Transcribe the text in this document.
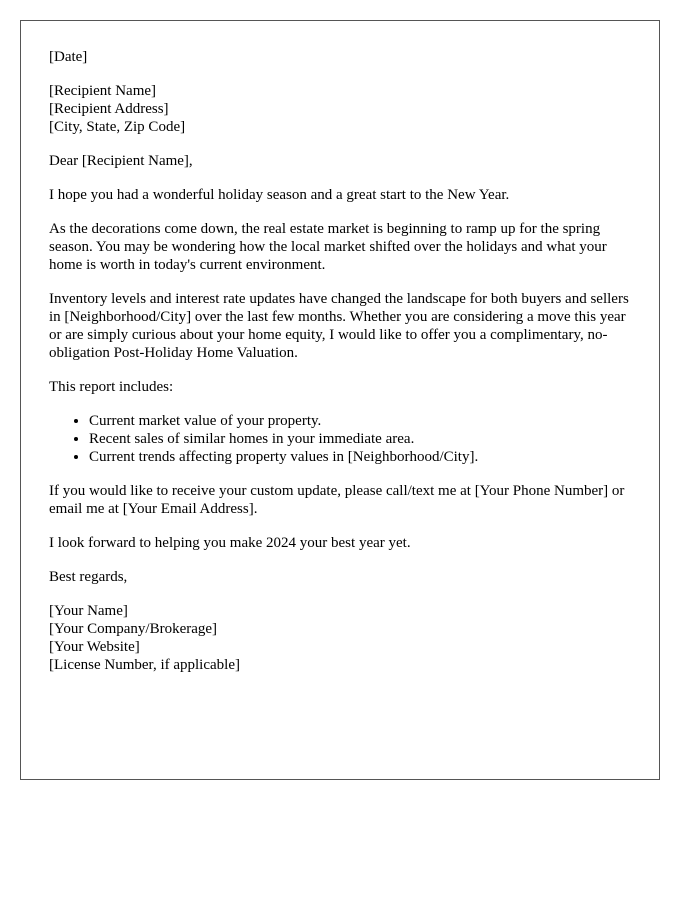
[Date]

[Recipient Name]
[Recipient Address]
[City, State, Zip Code]

Dear [Recipient Name],

I hope you had a wonderful holiday season and a great start to the New Year.

As the decorations come down, the real estate market is beginning to ramp up for the spring season. You may be wondering how the local market shifted over the holidays and what your home is worth in today's current environment.

Inventory levels and interest rate updates have changed the landscape for both buyers and sellers in [Neighborhood/City] over the last few months. Whether you are considering a move this year or are simply curious about your home equity, I would like to offer you a complimentary, no-obligation Post-Holiday Home Valuation.

This report includes:

• Current market value of your property.
• Recent sales of similar homes in your immediate area.
• Current trends affecting property values in [Neighborhood/City].

If you would like to receive your custom update, please call/text me at [Your Phone Number] or email me at [Your Email Address].

I look forward to helping you make 2024 your best year yet.

Best regards,

[Your Name]
[Your Company/Brokerage]
[Your Website]
[License Number, if applicable]
